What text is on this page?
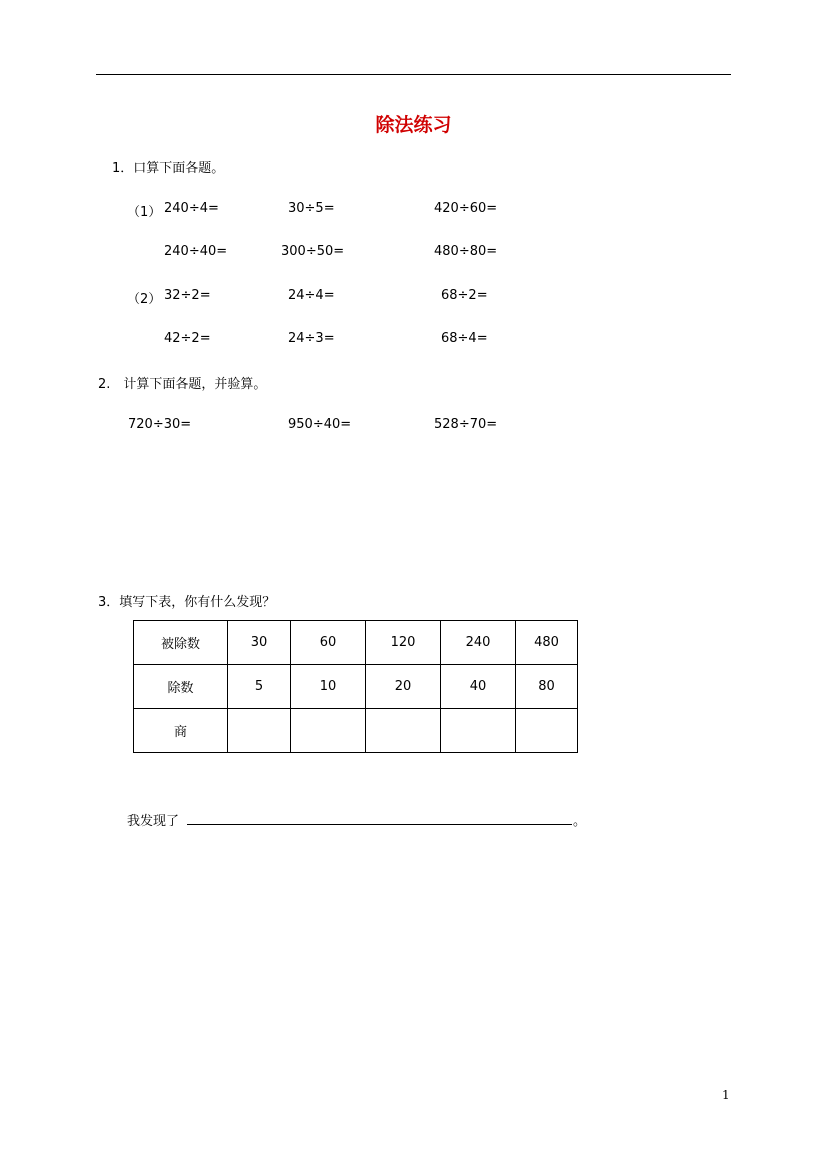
除法练习
1．口算下面各题。
（1） 240÷4=	30÷5=	420÷60=
240÷40=	300÷50=	480÷80=
（2） 32÷2=	24÷4=	68÷2=
42÷2=	24÷3=	68÷4=
2.　计算下面各题，并验算。
720÷30=	950÷40=	528÷70=
3．填写下表，你有什么发现？
被除数	30	60	120	240	480
除数	5	10	20	40	80
商					
我发现了	。
1
